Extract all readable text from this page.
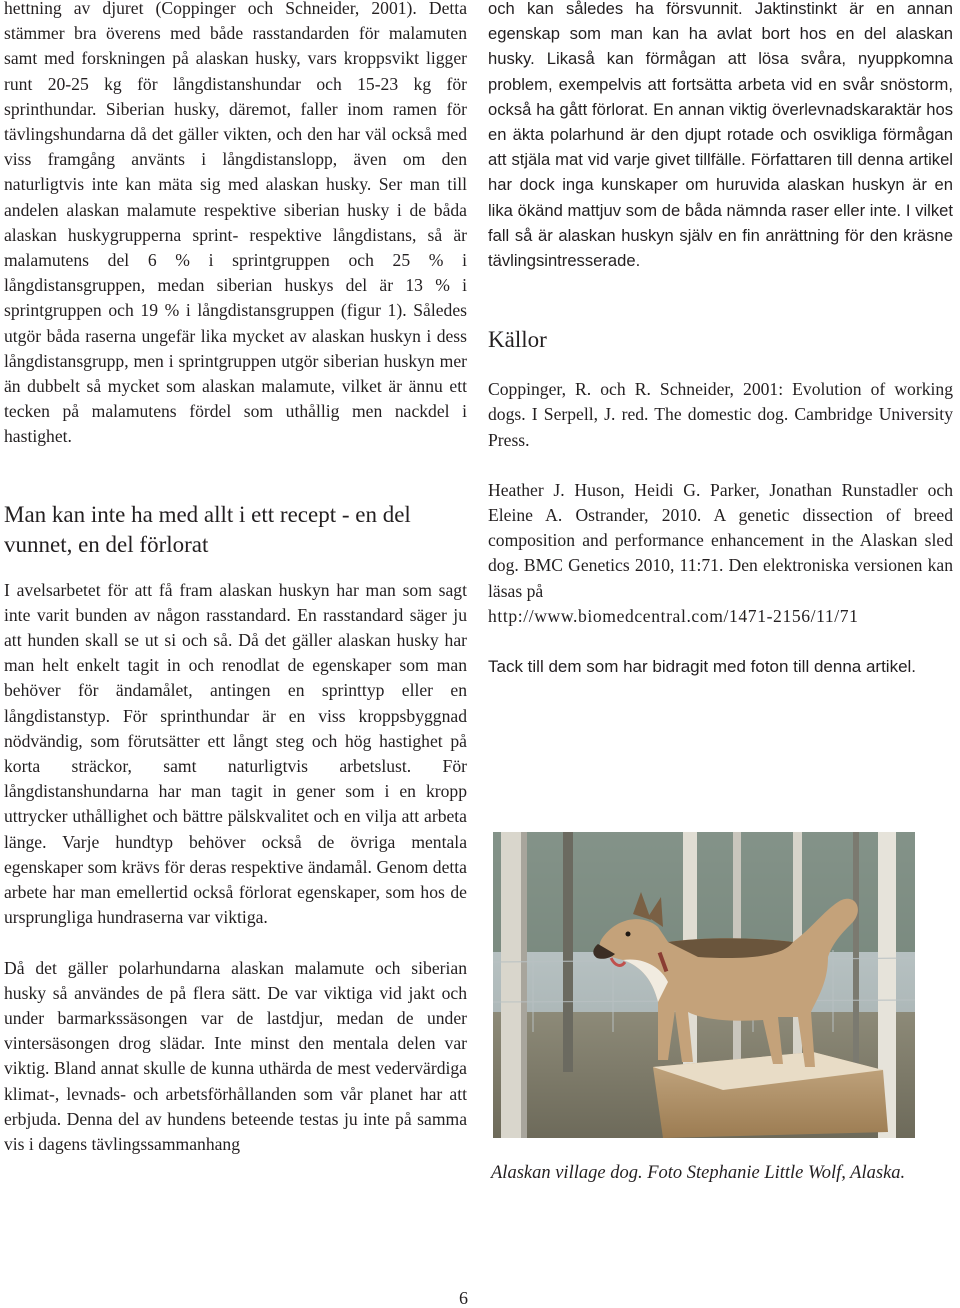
hettning av djuret (Coppinger och Schneider, 2001). Detta stämmer bra överens med både rasstandarden för malamuten samt med forskningen på alaskan husky, vars kroppsvikt ligger runt 20-25 kg för långdistanshundar och 15-23 kg för sprinthundar. Siberian husky, däremot, faller inom ramen för tävlingshundarna då det gäller vikten, och den har väl också med viss framgång använts i långdistanslopp, även om den naturligtvis inte kan mäta sig med alaskan husky. Ser man till andelen alaskan malamute respektive siberian husky i de båda alaskan huskygrupperna sprint- respektive långdistans, så är malamutens del 6 % i sprintgruppen och 25 % i långdistansgruppen, medan siberian huskys del är 13 % i sprintgruppen och 19 % i långdistansgruppen (figur 1). Således utgör båda raserna ungefär lika mycket av alaskan huskyn i dess långdistansgrupp, men i sprintgruppen utgör siberian huskyn mer än dubbelt så mycket som alaskan malamute, vilket är ännu ett tecken på malamutens fördel som uthållig men nackdel i hastighet.

Man kan inte ha med allt i ett recept - en del vunnet, en del förlorat

I avelsarbetet för att få fram alaskan huskyn har man som sagt inte varit bunden av någon rasstandard. En rasstandard säger ju att hunden skall se ut si och så. Då det gäller alaskan husky har man helt enkelt tagit in och renodlat de egenskaper som man behöver för ändamålet, antingen en sprinttyp eller en långdistanstyp. För sprinthundar är en viss kroppsbyggnad nödvändig, som förutsätter ett långt steg och hög hastighet på korta sträckor, samt naturligtvis arbetslust. För långdistanshundarna har man tagit in gener som i en kropp uttrycker uthållighet och bättre pälskvalitet och en vilja att arbeta länge. Varje hundtyp behöver också de övriga mentala egenskaper som krävs för deras respektive ändamål. Genom detta arbete har man emellertid också förlorat egenskaper, som hos de ursprungliga hundraserna var viktiga.

Då det gäller polarhundarna alaskan malamute och siberian husky så användes de på flera sätt. De var viktiga vid jakt och under barmarkssäsongen var de lastdjur, medan de under vintersäsongen drog slädar. Inte minst den mentala delen var viktig. Bland annat skulle de kunna uthärda de mest vedervärdiga klimat-, levnads- och arbetsförhållanden som vår planet har att erbjuda. Denna del av hundens beteende testas ju inte på samma vis i dagens tävlingssammanhang

och kan således ha försvunnit. Jaktinstinkt är en annan egenskap som man kan ha avlat bort hos en del alaskan husky. Likaså kan förmågan att lösa svåra, nyuppkomna problem, exempelvis att fortsätta arbeta vid en svår snöstorm, också ha gått förlorat. En annan viktig överlevnadskaraktär hos en äkta polarhund är den djupt rotade och osvikliga förmågan att stjäla mat vid varje givet tillfälle. Författaren till denna artikel har dock inga kunskaper om huruvida alaskan huskyn är en lika ökänd mattjuv som de båda nämnda raser eller inte. I vilket fall så är alaskan huskyn själv en fin anrättning för den kräsne tävlingsintresserade.

Källor

Coppinger, R. och R. Schneider, 2001: Evolution of working dogs. I Serpell, J. red. The domestic dog. Cambridge University Press.

Heather J. Huson, Heidi G. Parker, Jonathan Runstadler och Eleine A. Ostrander, 2010. A genetic dissection of breed composition and performance enhancement in the Alaskan sled dog. BMC Genetics 2010, 11:71. Den elektroniska versionen kan läsas på
http://www.biomedcentral.com/1471-2156/11/71

Tack till dem som har bidragit med foton till denna artikel.

Alaskan village dog. Foto Stephanie Little Wolf, Alaska.
6
